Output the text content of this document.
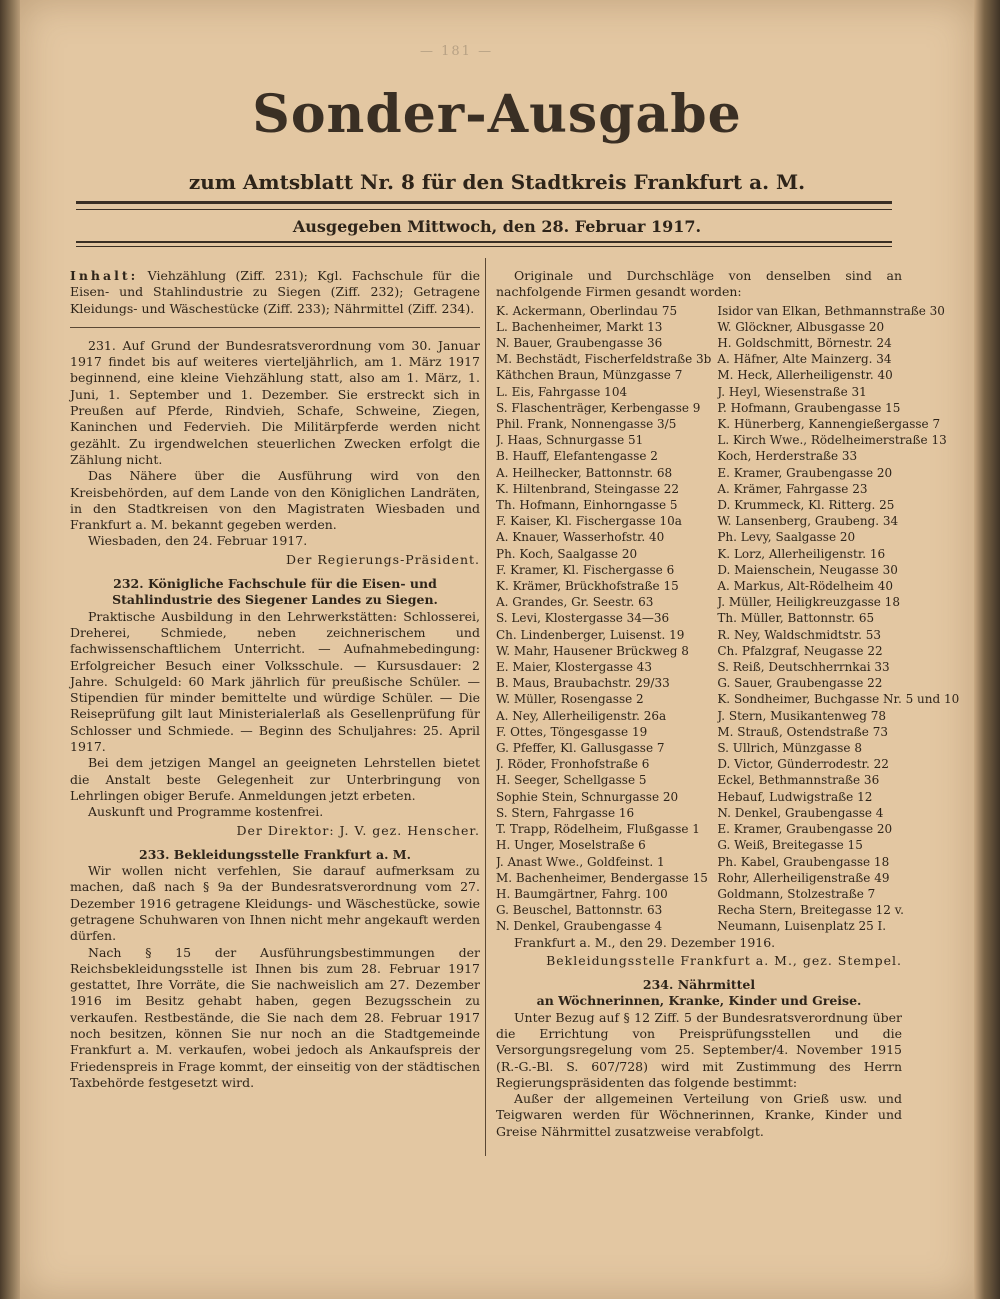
— 181 —
Sonder-Ausgabe
zum Amtsblatt Nr. 8 für den Stadtkreis Frankfurt a. M.
Ausgegeben Mittwoch, den 28. Februar 1917.

Inhalt: Viehzählung (Ziff. 231); Kgl. Fachschule für die Eisen- und Stahlindustrie zu Siegen (Ziff. 232); Getragene Kleidungs- und Wäschestücke (Ziff. 233); Nährmittel (Ziff. 234).

231. Auf Grund der Bundesratsverordnung vom 30. Januar 1917 findet bis auf weiteres vierteljährlich, am 1. März 1917 beginnend, eine kleine Viehzählung statt, also am 1. März, 1. Juni, 1. September und 1. Dezember. Sie erstreckt sich in Preußen auf Pferde, Rindvieh, Schafe, Schweine, Ziegen, Kaninchen und Federvieh. Die Militärpferde werden nicht gezählt. Zu irgendwelchen steuerlichen Zwecken erfolgt die Zählung nicht.

Das Nähere über die Ausführung wird von den Kreisbehörden, auf dem Lande von den Königlichen Landräten, in den Stadtkreisen von den Magistraten Wiesbaden und Frankfurt a. M. bekannt gegeben werden.

Wiesbaden, den 24. Februar 1917.

Der Regierungs-Präsident.

232. Königliche Fachschule für die Eisen- und Stahlindustrie des Siegener Landes zu Siegen.

Praktische Ausbildung in den Lehrwerkstätten: Schlosserei, Dreherei, Schmiede, neben zeichnerischem und fachwissenschaftlichem Unterricht. — Aufnahmebedingung: Erfolgreicher Besuch einer Volksschule. — Kursusdauer: 2 Jahre. Schulgeld: 60 Mark jährlich für preußische Schüler. — Stipendien für minder bemittelte und würdige Schüler. — Die Reiseprüfung gilt laut Ministerialerlaß als Gesellenprüfung für Schlosser und Schmiede. — Beginn des Schuljahres: 25. April 1917.

Bei dem jetzigen Mangel an geeigneten Lehrstellen bietet die Anstalt beste Gelegenheit zur Unterbringung von Lehrlingen obiger Berufe. Anmeldungen jetzt erbeten.

Auskunft und Programme kostenfrei.

Der Direktor: J. V. gez. Henscher.

233. Bekleidungsstelle Frankfurt a. M.

Wir wollen nicht verfehlen, Sie darauf aufmerksam zu machen, daß nach § 9a der Bundesratsverordnung vom 27. Dezember 1916 getragene Kleidungs- und Wäschestücke, sowie getragene Schuhwaren von Ihnen nicht mehr angekauft werden dürfen.

Nach § 15 der Ausführungsbestimmungen der Reichsbekleidungsstelle ist Ihnen bis zum 28. Februar 1917 gestattet, Ihre Vorräte, die Sie nachweislich am 27. Dezember 1916 im Besitz gehabt haben, gegen Bezugsschein zu verkaufen. Restbestände, die Sie nach dem 28. Februar 1917 noch besitzen, können Sie nur noch an die Stadtgemeinde Frankfurt a. M. verkaufen, wobei jedoch als Ankaufspreis der Friedenspreis in Frage kommt, der einseitig von der städtischen Taxbehörde festgesetzt wird.

Originale und Durchschläge von denselben sind an nachfolgende Firmen gesandt worden:

K. Ackermann, Oberlindau 75
L. Bachenheimer, Markt 13
N. Bauer, Graubengasse 36
M. Bechstädt, Fischerfeldstraße 3b
Käthchen Braun, Münzgasse 7
L. Eis, Fahrgasse 104
S. Flaschenträger, Kerbengasse 9
Phil. Frank, Nonnengasse 3/5
J. Haas, Schnurgasse 51
B. Hauff, Elefantengasse 2
A. Heilhecker, Battonnstr. 68
K. Hiltenbrand, Steingasse 22
Th. Hofmann, Einhorngasse 5
F. Kaiser, Kl. Fischergasse 10a
A. Knauer, Wasserhofstr. 40
Ph. Koch, Saalgasse 20
F. Kramer, Kl. Fischergasse 6
K. Krämer, Brückhofstraße 15
A. Grandes, Gr. Seestr. 63
S. Levi, Klostergasse 34—36
Ch. Lindenberger, Luisenst. 19
W. Mahr, Hausener Brückweg 8
E. Maier, Klostergasse 43
B. Maus, Braubachstr. 29/33
W. Müller, Rosengasse 2
A. Ney, Allerheiligenstr. 26a
F. Ottes, Töngesgasse 19
G. Pfeffer, Kl. Gallusgasse 7
J. Röder, Fronhofstraße 6
H. Seeger, Schellgasse 5
Sophie Stein, Schnurgasse 20
S. Stern, Fahrgasse 16
T. Trapp, Rödelheim, Flußgasse 1
H. Unger, Moselstraße 6
J. Anast Wwe., Goldfeinst. 1
M. Bachenheimer, Bendergasse 15
H. Baumgärtner, Fahrg. 100
G. Beuschel, Battonnstr. 63
N. Denkel, Graubengasse 4
Isidor van Elkan, Bethmannstraße 30
W. Glöckner, Albusgasse 20
H. Goldschmitt, Börnestr. 24
A. Häfner, Alte Mainzerg. 34
M. Heck, Allerheiligenstr. 40
J. Heyl, Wiesenstraße 31
P. Hofmann, Graubengasse 15
K. Hünerberg, Kannengießergasse 7
L. Kirch Wwe., Rödelheimerstraße 13
Koch, Herderstraße 33
E. Kramer, Graubengasse 20
A. Krämer, Fahrgasse 23
D. Krummeck, Kl. Ritterg. 25
W. Lansenberg, Graubeng. 34
Ph. Levy, Saalgasse 20
K. Lorz, Allerheiligenstr. 16
D. Maienschein, Neugasse 30
A. Markus, Alt-Rödelheim 40
J. Müller, Heiligkreuzgasse 18
Th. Müller, Battonnstr. 65
R. Ney, Waldschmidtstr. 53
Ch. Pfalzgraf, Neugasse 22
S. Reiß, Deutschherrnkai 33
G. Sauer, Graubengasse 22
K. Sondheimer, Buchgasse Nr. 5 und 10
J. Stern, Musikantenweg 78
M. Strauß, Ostendstraße 73
S. Ullrich, Münzgasse 8
D. Victor, Günderrodestr. 22
Eckel, Bethmannstraße 36
Hebauf, Ludwigstraße 12
N. Denkel, Graubengasse 4
E. Kramer, Graubengasse 20
G. Weiß, Breitegasse 15
Ph. Kabel, Graubengasse 18
Rohr, Allerheiligenstraße 49
Goldmann, Stolzestraße 7
Recha Stern, Breitegasse 12 v.
Neumann, Luisenplatz 25 I.

Frankfurt a. M., den 29. Dezember 1916.

Bekleidungsstelle Frankfurt a. M., gez. Stempel.

234. Nährmittel

an Wöchnerinnen, Kranke, Kinder und Greise.

Unter Bezug auf § 12 Ziff. 5 der Bundesratsverordnung über die Errichtung von Preisprüfungsstellen und die Versorgungsregelung vom 25. September/4. November 1915 (R.-G.-Bl. S. 607/728) wird mit Zustimmung des Herrn Regierungspräsidenten das folgende bestimmt:

Außer der allgemeinen Verteilung von Grieß usw. und Teigwaren werden für Wöchnerinnen, Kranke, Kinder und Greise Nährmittel zusatzweise verabfolgt.
